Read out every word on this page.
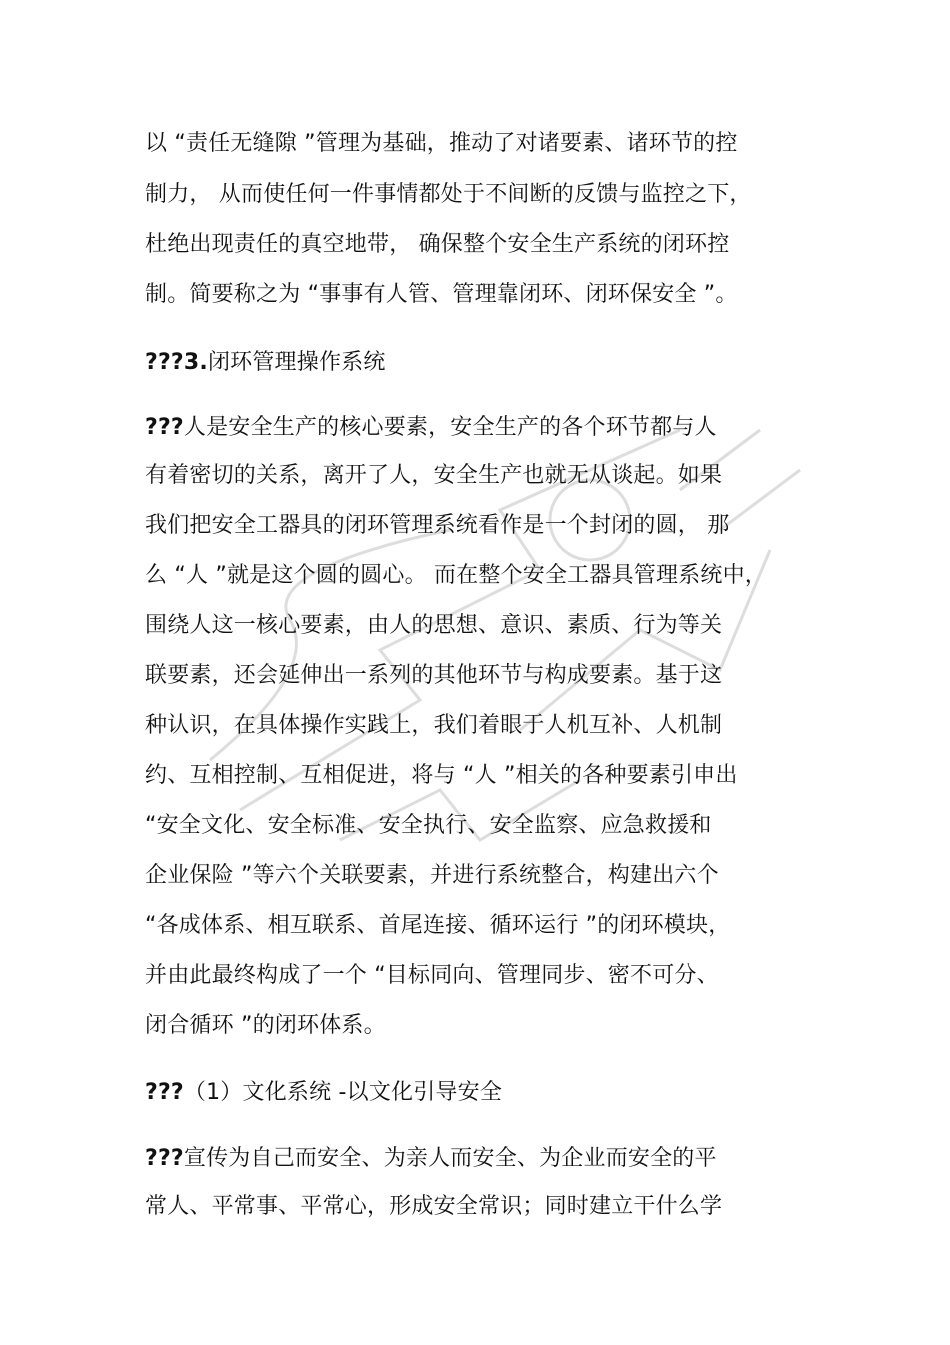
以 “责任无缝隙 ”管理为基础，推动了对诸要素、诸环节的控
制力， 从而使任何一件事情都处于不间断的反馈与监控之下，
杜绝出现责任的真空地带， 确保整个安全生产系统的闭环控
制。简要称之为 “事事有人管、管理靠闭环、闭环保安全 ”。
???3.闭环管理操作系统
???人是安全生产的核心要素，安全生产的各个环节都与人
有着密切的关系，离开了人，安全生产也就无从谈起。如果
我们把安全工器具的闭环管理系统看作是一个封闭的圆， 那
么 “人 ”就是这个圆的圆心。 而在整个安全工器具管理系统中，
围绕人这一核心要素，由人的思想、意识、素质、行为等关
联要素，还会延伸出一系列的其他环节与构成要素。基于这
种认识，在具体操作实践上，我们着眼于人机互补、人机制
约、互相控制、互相促进，将与 “人 ”相关的各种要素引申出
“安全文化、安全标准、安全执行、安全监察、应急救援和
企业保险 ”等六个关联要素，并进行系统整合，构建出六个
“各成体系、相互联系、首尾连接、循环运行 ”的闭环模块，
并由此最终构成了一个 “目标同向、管理同步、密不可分、
闭合循环 ”的闭环体系。
???（1）文化系统 -以文化引导安全
???宣传为自己而安全、为亲人而安全、为企业而安全的平
常人、平常事、平常心，形成安全常识；同时建立干什么学
